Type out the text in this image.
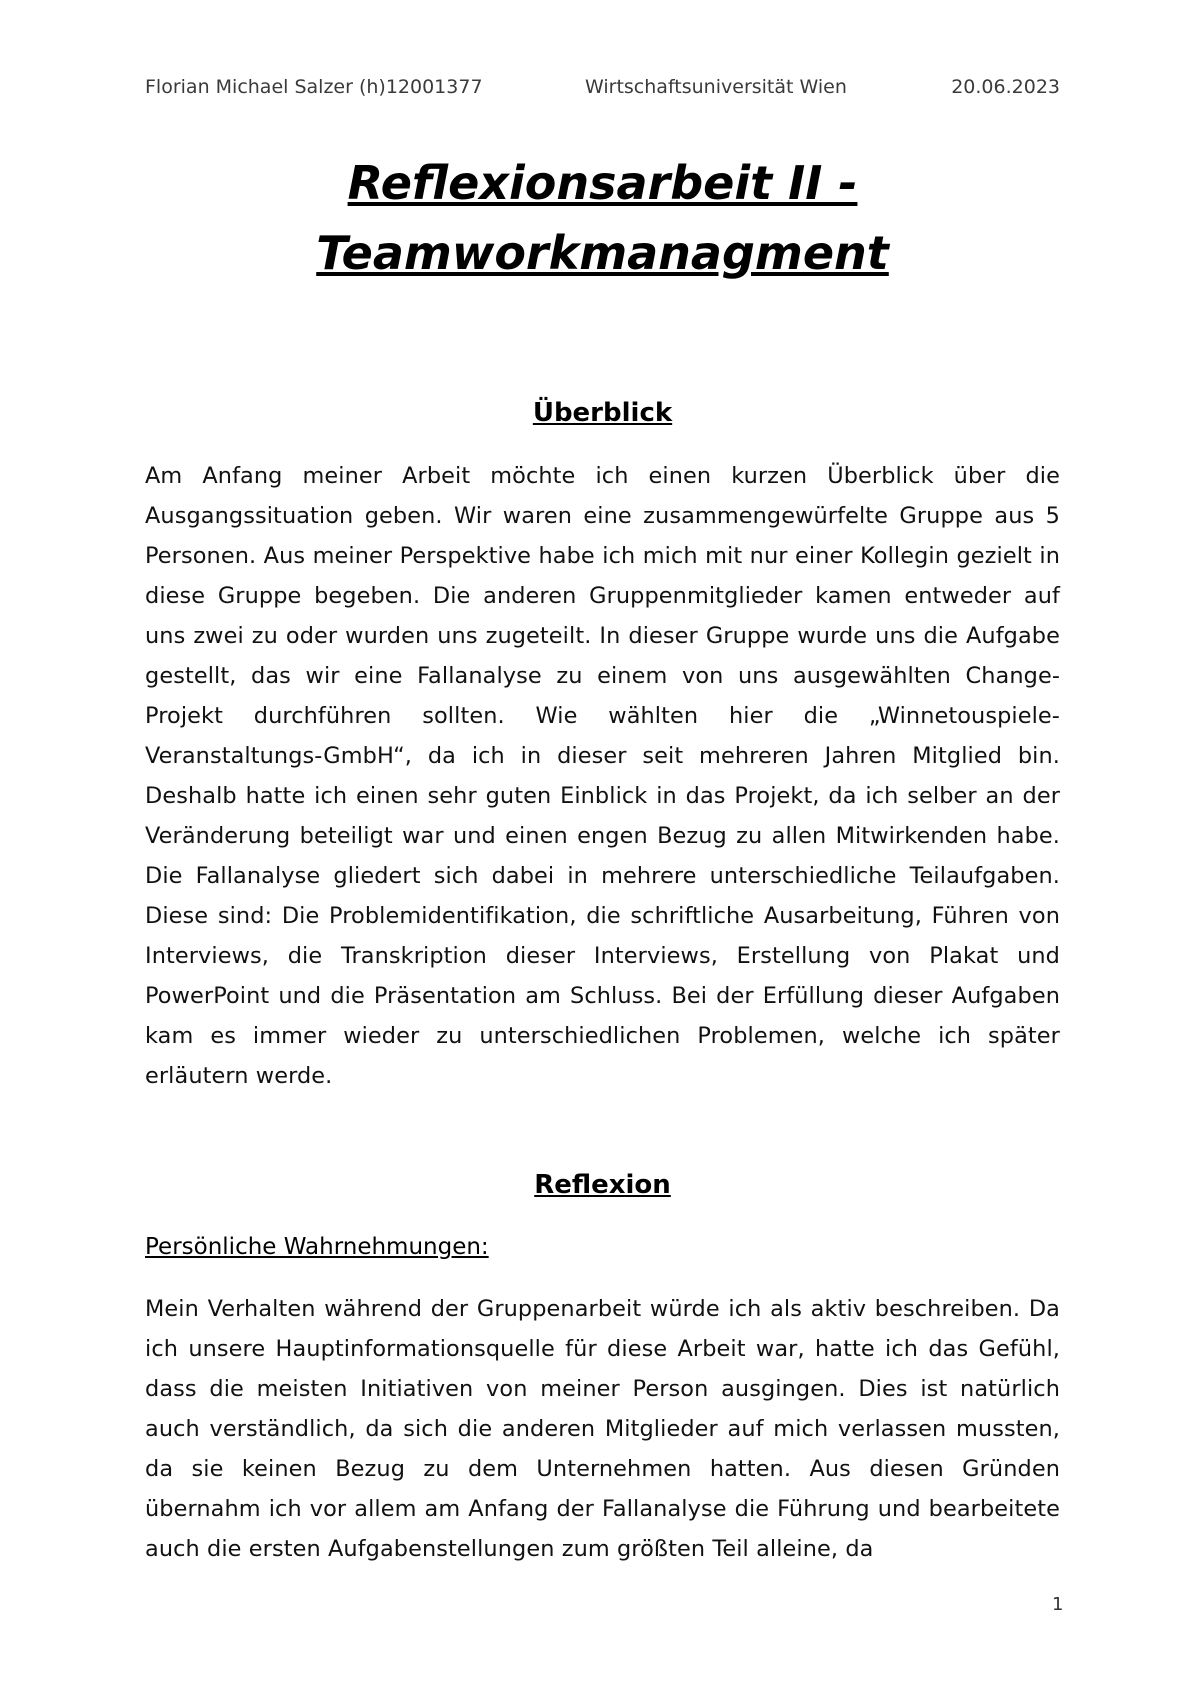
Florian Michael Salzer (h)12001377	Wirtschaftsuniversität Wien	20.06.2023
Reflexionsarbeit II -
Teamworkmanagment
Überblick
Am Anfang meiner Arbeit möchte ich einen kurzen Überblick über die Ausgangssituation geben. Wir waren eine zusammengewürfelte Gruppe aus 5 Personen. Aus meiner Perspektive habe ich mich mit nur einer Kollegin gezielt in diese Gruppe begeben. Die anderen Gruppenmitglieder kamen entweder auf uns zwei zu oder wurden uns zugeteilt. In dieser Gruppe wurde uns die Aufgabe gestellt, das wir eine Fallanalyse zu einem von uns ausgewählten Change-Projekt durchführen sollten. Wie wählten hier die „Winnetouspiele-Veranstaltungs-GmbH“, da ich in dieser seit mehreren Jahren Mitglied bin. Deshalb hatte ich einen sehr guten Einblick in das Projekt, da ich selber an der Veränderung beteiligt war und einen engen Bezug zu allen Mitwirkenden habe. Die Fallanalyse gliedert sich dabei in mehrere unterschiedliche Teilaufgaben. Diese sind: Die Problemidentifikation, die schriftliche Ausarbeitung, Führen von Interviews, die Transkription dieser Interviews, Erstellung von Plakat und PowerPoint und die Präsentation am Schluss. Bei der Erfüllung dieser Aufgaben kam es immer wieder zu unterschiedlichen Problemen, welche ich später erläutern werde.
Reflexion
Persönliche Wahrnehmungen:
Mein Verhalten während der Gruppenarbeit würde ich als aktiv beschreiben. Da ich unsere Hauptinformationsquelle für diese Arbeit war, hatte ich das Gefühl, dass die meisten Initiativen von meiner Person ausgingen. Dies ist natürlich auch verständlich, da sich die anderen Mitglieder auf mich verlassen mussten, da sie keinen Bezug zu dem Unternehmen hatten. Aus diesen Gründen übernahm ich vor allem am Anfang der Fallanalyse die Führung und bearbeitete auch die ersten Aufgabenstellungen zum größten Teil alleine, da
1
